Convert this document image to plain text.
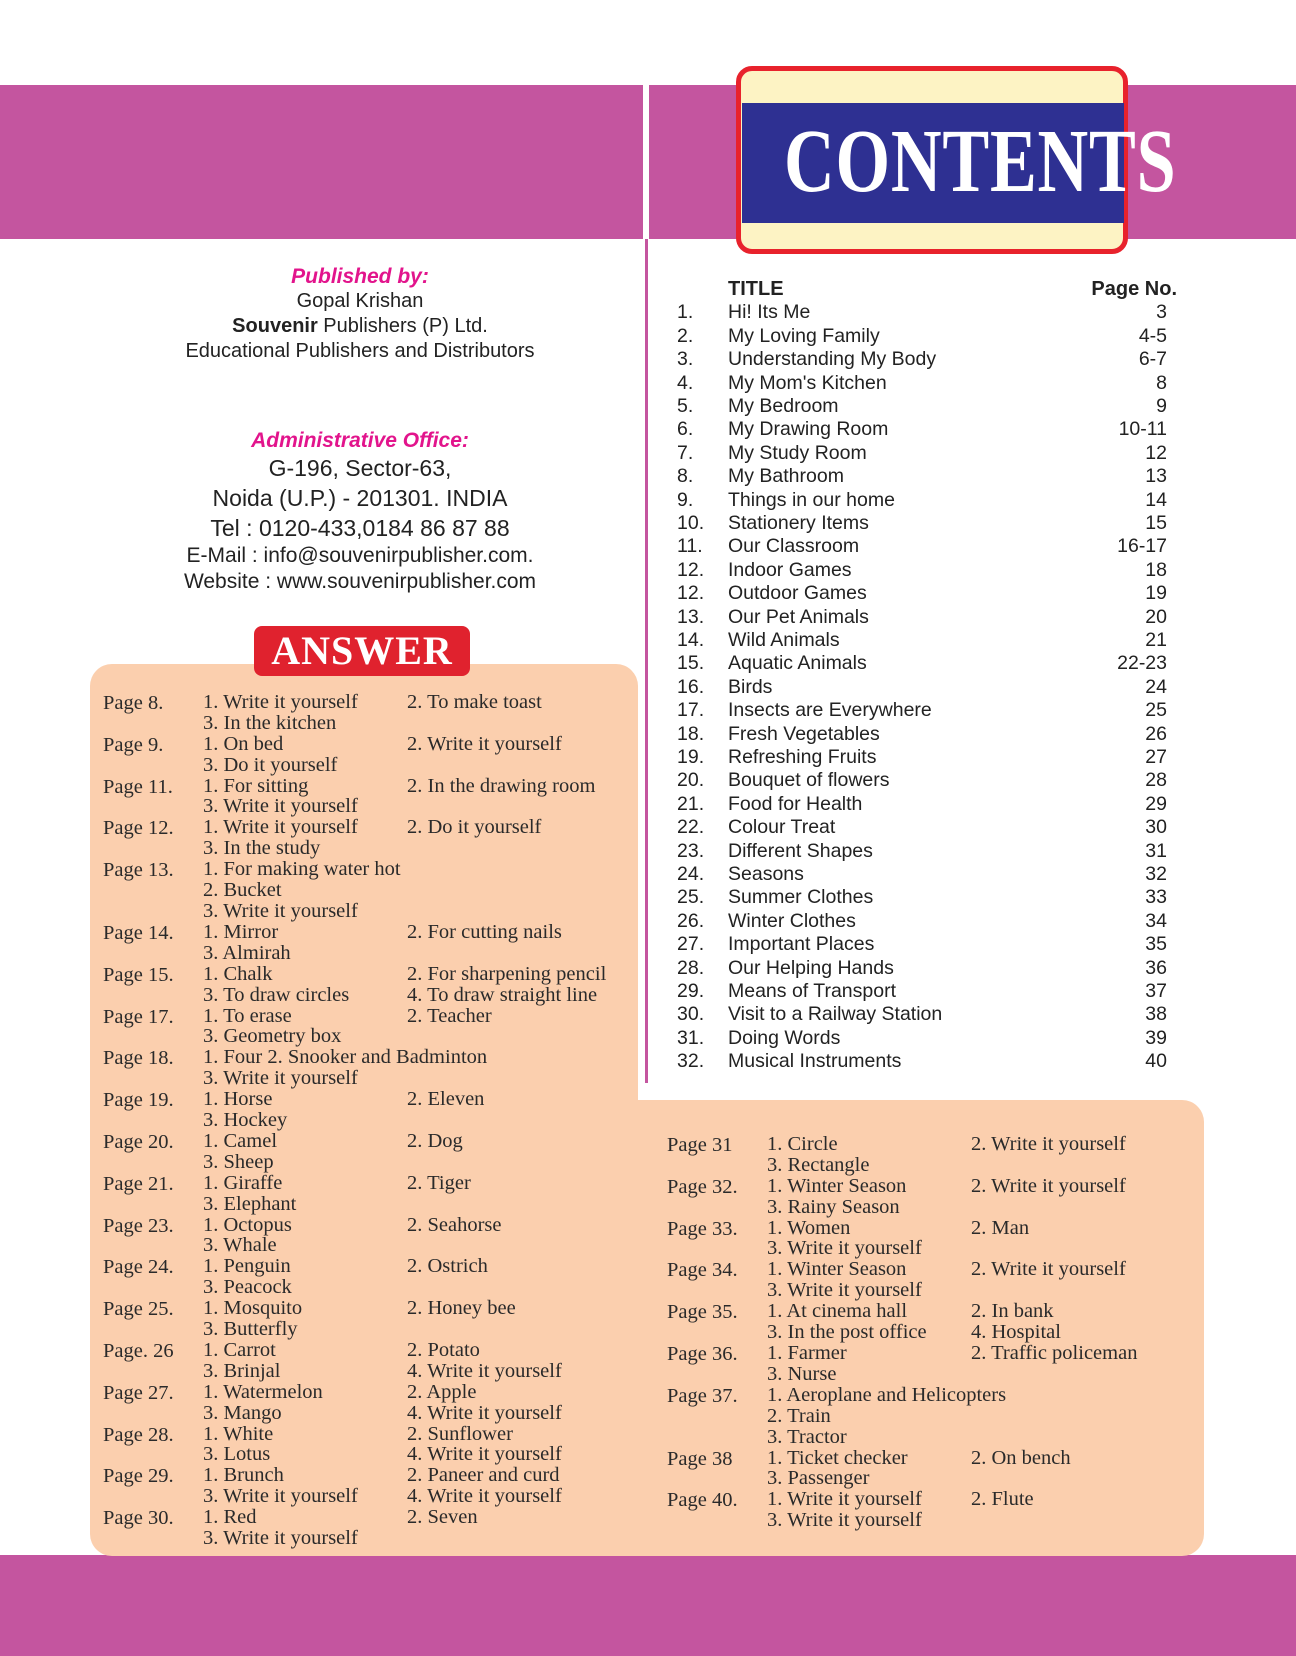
CONTENTS
Published by:
Gopal Krishan
Souvenir Publishers (P) Ltd.
Educational Publishers and Distributors
Administrative Office:
G-196, Sector-63,
Noida (U.P.) - 201301. INDIA
Tel : 0120-433,0184 86 87 88
E-Mail : info@souvenirpublisher.com.
Website : www.souvenirpublisher.com
TITLE	Page No.
1. Hi! Its Me	3
2. My Loving Family	4-5
3. Understanding My Body	6-7
4. My Mom's Kitchen	8
5. My Bedroom	9
6. My Drawing Room	10-11
7. My Study Room	12
8. My Bathroom	13
9. Things in our home	14
10. Stationery Items	15
11. Our Classroom	16-17
12. Indoor Games	18
12. Outdoor Games	19
13. Our Pet Animals	20
14. Wild Animals	21
15. Aquatic Animals	22-23
16. Birds	24
17. Insects are Everywhere	25
18. Fresh Vegetables	26
19. Refreshing Fruits	27
20. Bouquet of flowers	28
21. Food for Health	29
22. Colour Treat	30
23. Different Shapes	31
24. Seasons	32
25. Summer Clothes	33
26. Winter Clothes	34
27. Important Places	35
28. Our Helping Hands	36
29. Means of Transport	37
30. Visit to a Railway Station	38
31. Doing Words	39
32. Musical Instruments	40
ANSWER
Page 8. 1. Write it yourself 2. To make toast
3. In the kitchen
Page 9. 1. On bed	2. Write it yourself
3. Do it yourself
Page 11. 1. For sitting	2. In the drawing room
3. Write it yourself
Page 12. 1. Write it yourself 2. Do it yourself
3. In the study
Page 13. 1. For making water hot
2. Bucket
3. Write it yourself
Page 14. 1. Mirror	2. For cutting nails
3. Almirah
Page 15. 1. Chalk	2. For sharpening pencil
3. To draw circles	4. To draw straight line
Page 17. 1. To erase	2. Teacher
3. Geometry box
Page 18. 1. Four 2. Snooker and Badminton
3. Write it yourself
Page 19. 1. Horse	2. Eleven
3. Hockey
Page 20. 1. Camel	2. Dog
3. Sheep
Page 21. 1. Giraffe	2. Tiger
3. Elephant
Page 23. 1. Octopus	2. Seahorse
3. Whale
Page 24. 1. Penguin	2. Ostrich
3. Peacock
Page 25. 1. Mosquito	2. Honey bee
3. Butterfly
Page. 26 1. Carrot	2. Potato
3. Brinjal	4. Write it yourself
Page 27. 1. Watermelon	2. Apple
3. Mango	4. Write it yourself
Page 28. 1. White	2. Sunflower
3. Lotus	4. Write it yourself
Page 29. 1. Brunch	2. Paneer and curd
3. Write it yourself 4. Write it yourself
Page 30. 1. Red	2. Seven
3. Write it yourself
Page 31 1. Circle	2. Write it yourself
3. Rectangle
Page 32. 1. Winter Season	2. Write it yourself
3. Rainy Season
Page 33. 1. Women	2. Man
3. Write it yourself
Page 34. 1. Winter Season	2. Write it yourself
3. Write it yourself
Page 35. 1. At cinema hall	2. In bank
3. In the post office 4. Hospital
Page 36. 1. Farmer	2. Traffic policeman
3. Nurse
Page 37. 1. Aeroplane and Helicopters
2. Train
3. Tractor
Page 38 1. Ticket checker	2. On bench
3. Passenger
Page 40. 1. Write it yourself 2. Flute
3. Write it yourself
